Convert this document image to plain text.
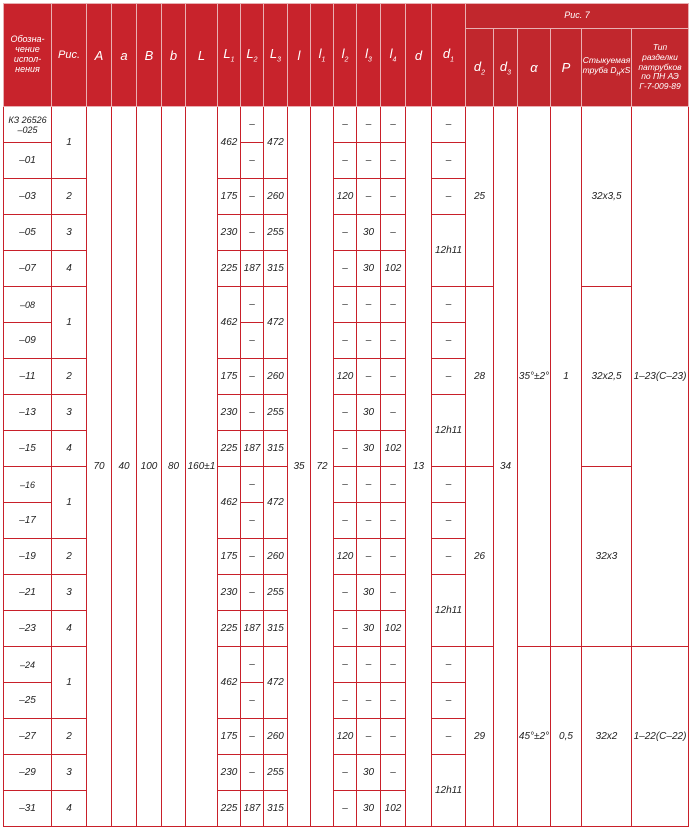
Обозна-
чение
испол-
нения	Рис.	A	a	B	b	L	$L_1$	$L_2$	$L_3$	l	$l_1$	$l_2$	$l_3$	$l_4$	d	$d_1$	Рис. 7					
																	$d_2$	$d_3$	α	P	Стыкуемая
труба $D_нxS$	Тип
разделки
патрубков
по ПН АЭ
Г-7-009-89
КЗ 26526
–025	1	70	40	100	80	160±1	462	–	472	35	72	–	–	–	13	–	25	34	35°±2°	1	32x3,5	1–23(С–23)
–01								–				–	–	–		–						
–03	2						175	–	260			120	–	–		–						
–05	3						230	–	255			–	30	–		12h11						
–07	4						225	187	315			–	30	102								
–08	1						462	–	472			–	–	–		–	28				32x2,5	
–09								–				–	–	–		–						
–11	2						175	–	260			120	–	–		–						
–13	3						230	–	255			–	30	–		12h11						
–15	4						225	187	315			–	30	102								
–16	1						462	–	472			–	–	–		–	26				32x3	
–17								–				–	–	–		–						
–19	2						175	–	260			120	–	–		–						
–21	3						230	–	255			–	30	–		12h11						
–23	4						225	187	315			–	30	102								
–24	1						462	–	472			–	–	–		–	29		45°±2°	0,5	32x2	1–22(С–22)
–25								–				–	–	–		–						
–27	2						175	–	260			120	–	–		–						
–29	3						230	–	255			–	30	–		12h11						
–31	4						225	187	315			–	30	102								
